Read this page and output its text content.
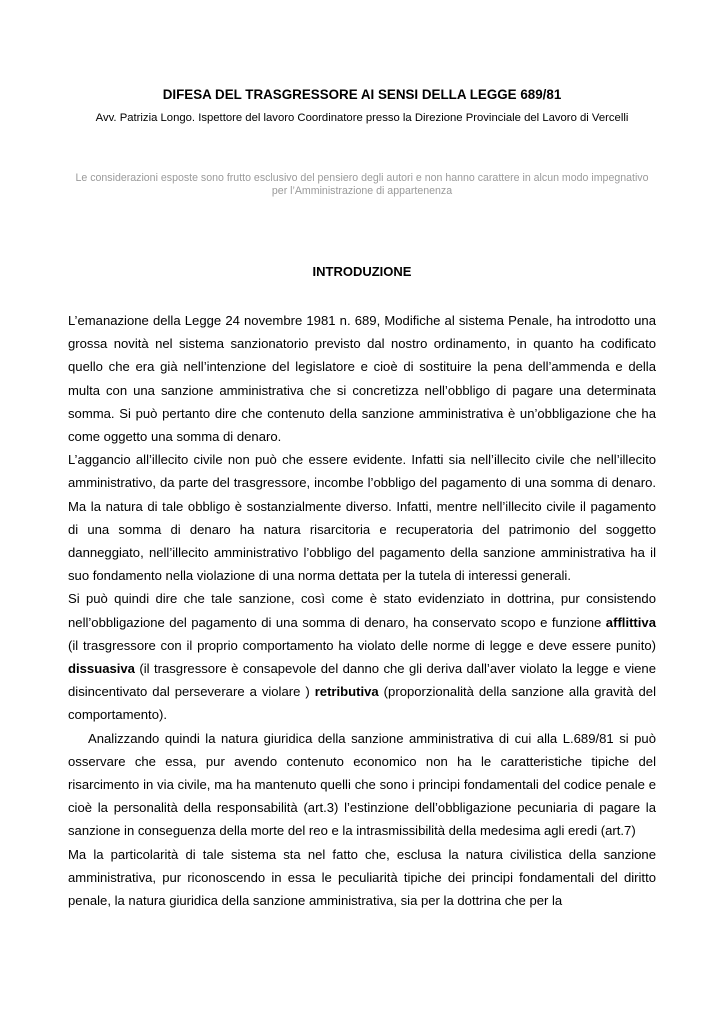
DIFESA DEL TRASGRESSORE AI SENSI DELLA LEGGE 689/81

Avv. Patrizia Longo. Ispettore del lavoro Coordinatore presso la Direzione Provinciale del Lavoro di Vercelli

Le considerazioni esposte sono frutto esclusivo del pensiero degli autori e non hanno carattere in alcun modo impegnativo per l’Amministrazione di appartenenza

INTRODUZIONE

L’emanazione della Legge 24 novembre 1981 n. 689, Modifiche al sistema Penale, ha introdotto una grossa novità nel sistema sanzionatorio previsto dal nostro ordinamento, in quanto ha codificato quello che era già nell’intenzione del legislatore e cioè di sostituire la pena dell’ammenda e della multa con una sanzione amministrativa che si concretizza nell’obbligo di pagare una determinata somma. Si può pertanto dire che contenuto della sanzione amministrativa è un’obbligazione che ha come oggetto una somma di denaro.

L’aggancio all’illecito civile non può che essere evidente. Infatti sia nell’illecito civile che nell’illecito amministrativo, da parte del trasgressore, incombe l’obbligo del pagamento di una somma di denaro. Ma la natura di tale obbligo è sostanzialmente diverso. Infatti, mentre nell’illecito civile il pagamento di una somma di denaro ha natura risarcitoria e recuperatoria del patrimonio del soggetto danneggiato, nell’illecito amministrativo l’obbligo del pagamento della sanzione amministrativa ha il suo fondamento nella violazione di una norma dettata per la tutela di interessi generali.

Si può quindi dire che tale sanzione, così come è stato evidenziato in dottrina, pur consistendo nell’obbligazione del pagamento di una somma di denaro, ha conservato scopo e funzione afflittiva (il trasgressore con il proprio comportamento ha violato delle norme di legge e deve essere punito) dissuasiva (il trasgressore è consapevole del danno che gli deriva dall’aver violato la legge e viene disincentivato dal perseverare a violare ) retributiva (proporzionalità della sanzione alla gravità del comportamento).

Analizzando quindi la natura giuridica della sanzione amministrativa di cui alla L.689/81 si può osservare che essa, pur avendo contenuto economico non ha le caratteristiche tipiche del risarcimento in via civile, ma ha mantenuto quelli che sono i principi fondamentali del codice penale e cioè la personalità della responsabilità (art.3) l’estinzione dell’obbligazione pecuniaria di pagare la sanzione in conseguenza della morte del reo e la intrasmissibilità della medesima agli eredi (art.7)

Ma la particolarità di tale sistema sta nel fatto che, esclusa la natura civilistica della sanzione amministrativa, pur riconoscendo in essa le peculiarità tipiche dei principi fondamentali del diritto penale, la natura giuridica della sanzione amministrativa, sia per la dottrina che per la
